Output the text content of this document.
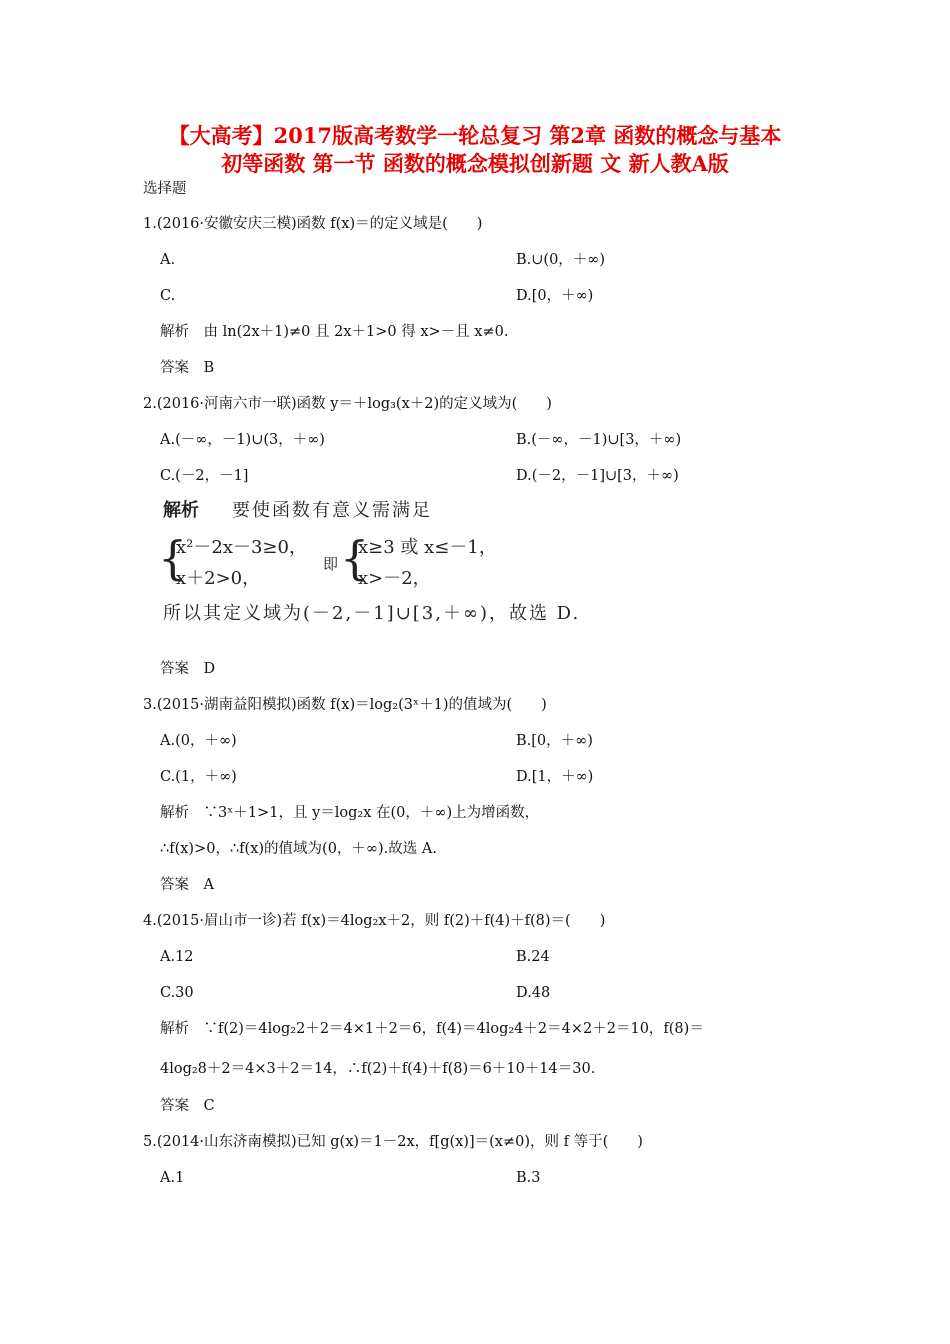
【大高考】2017版高考数学一轮总复习 第2章 函数的概念与基本
初等函数 第一节 函数的概念模拟创新题 文 新人教A版
选择题
1.(2016·安徽安庆三模)函数 f(x)＝的定义域是(　　)
A.	B.∪(0，＋∞)
C.	D.[0，＋∞)
解析　由 ln(2x＋1)≠0 且 2x＋1>0 得 x>－且 x≠0.
答案　B
2.(2016·河南六市一联)函数 y＝＋log₃(x＋2)的定义域为(　　)
A.(－∞，－1)∪(3，＋∞)	B.(－∞，－1)∪[3，＋∞)
C.(－2，－1]	D.(－2，－1]∪[3，＋∞)
解析 要使函数有意义需满足
{
x²－2x－3≥0，
x＋2>0，
即 {
x≥3 或 x≤－1，
x>－2，
所以其定义域为(－2,－1]∪[3,＋∞)，故选 D.
答案　D
3.(2015·湖南益阳模拟)函数 f(x)＝log₂(3ˣ＋1)的值域为(　　)
A.(0，＋∞)	B.[0，＋∞)
C.(1，＋∞)	D.[1，＋∞)
解析　∵3ˣ＋1>1，且 y＝log₂x 在(0，＋∞)上为增函数，
∴f(x)>0，∴f(x)的值域为(0，＋∞).故选 A.
答案　A
4.(2015·眉山市一诊)若 f(x)＝4log₂x＋2，则 f(2)＋f(4)＋f(8)＝(　　)
A.12	B.24
C.30	D.48
解析　∵f(2)＝4log₂2＋2＝4×1＋2＝6，f(4)＝4log₂4＋2＝4×2＋2＝10，f(8)＝
4log₂8＋2＝4×3＋2＝14，∴f(2)＋f(4)＋f(8)＝6＋10＋14＝30.
答案　C
5.(2014·山东济南模拟)已知 g(x)＝1－2x，f[g(x)]＝(x≠0)，则 f 等于(　　)
A.1	B.3
